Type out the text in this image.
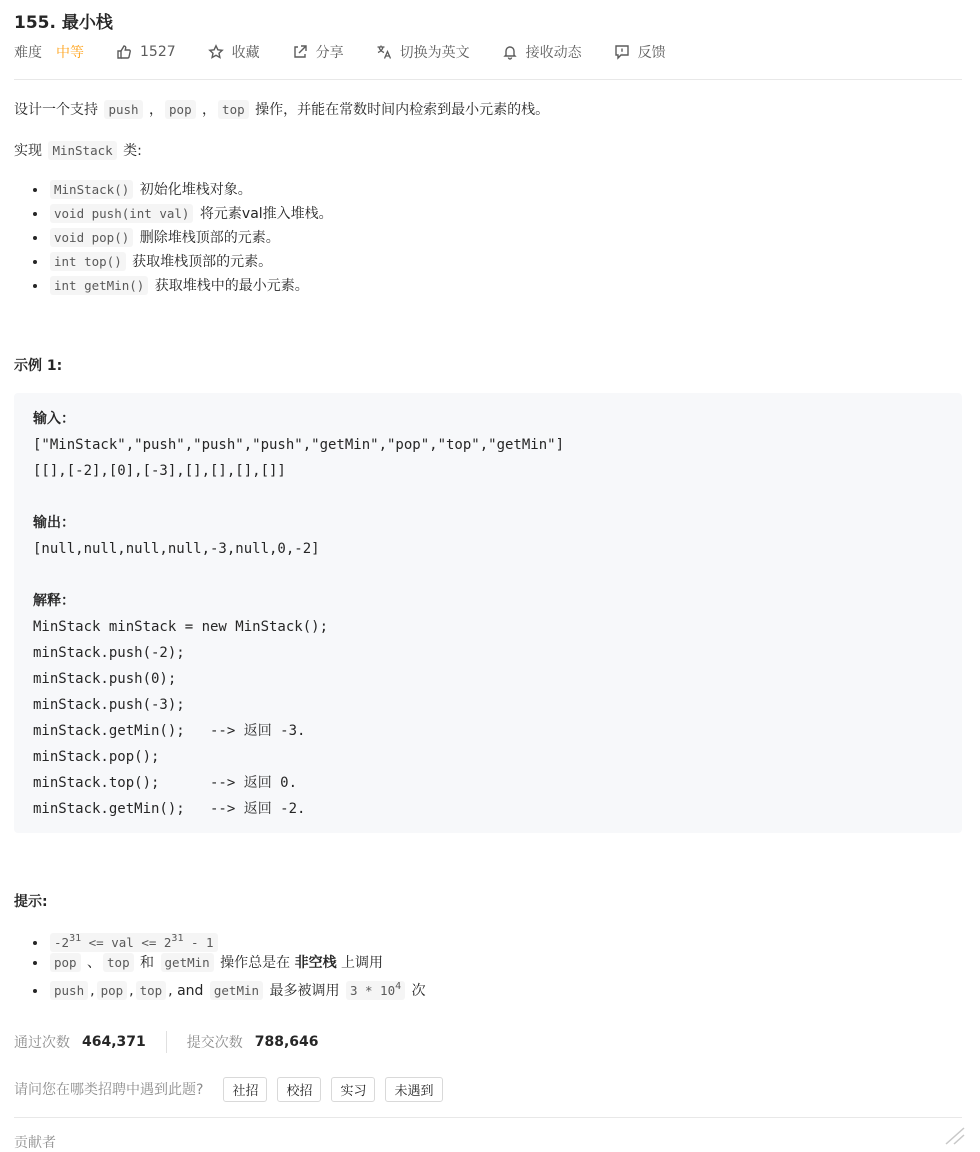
155. 最小栈
难度 中等	1527	收藏	分享	切换为英文	接收动态	反馈
设计一个支持 push ， pop ， top 操作，并能在常数时间内检索到最小元素的栈。
实现 MinStack 类:
• MinStack() 初始化堆栈对象。
• void push(int val) 将元素val推入堆栈。
• void pop() 删除堆栈顶部的元素。
• int top() 获取堆栈顶部的元素。
• int getMin() 获取堆栈中的最小元素。
示例 1:
输入：
["MinStack","push","push","push","getMin","pop","top","getMin"]
[[],[-2],[0],[-3],[],[],[],[]]

输出：
[null,null,null,null,-3,null,0,-2]

解释：
MinStack minStack = new MinStack();
minStack.push(-2);
minStack.push(0);
minStack.push(-3);
minStack.getMin();   --> 返回 -3.
minStack.pop();
minStack.top();      --> 返回 0.
minStack.getMin();   --> 返回 -2.
提示:
• $-2^{31}$ <= val <= $2^{31} - 1$
• pop 、 top 和 getMin 操作总是在 非空栈 上调用
• push , pop , top , and getMin 最多被调用 $3 * 10^4$ 次
通过次数 464,371	提交次数 788,646
请问您在哪类招聘中遇到此题?	社招	校招	实习	未遇到
贡献者
